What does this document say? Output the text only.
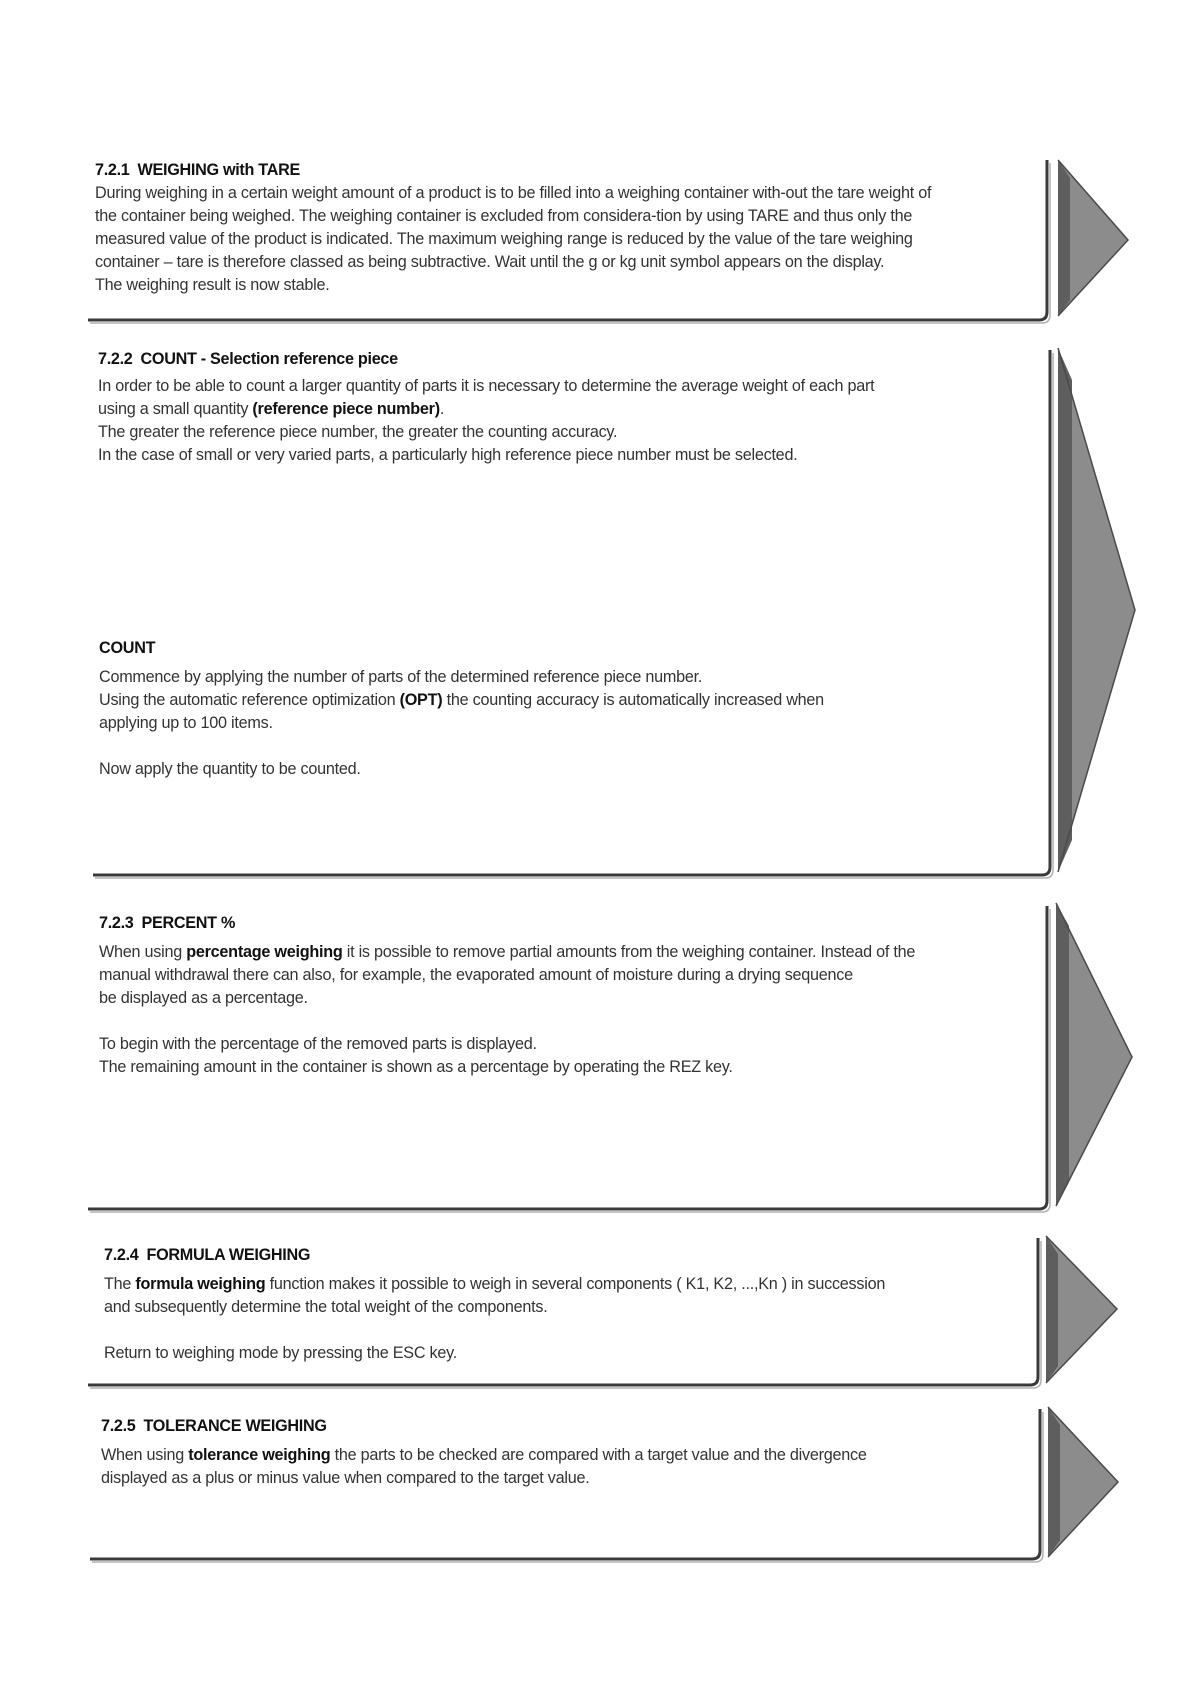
7.2.1 WEIGHING with TARE
During weighing in a certain weight amount of a product is to be filled into a weighing container with-out the tare weight of
the container being weighed. The weighing container is excluded from considera-tion by using TARE and thus only the
measured value of the product is indicated. The maximum weighing range is reduced by the value of the tare weighing
container – tare is therefore classed as being subtractive. Wait until the g or kg unit symbol appears on the display.
The weighing result is now stable.
7.2.2 COUNT - Selection reference piece
In order to be able to count a larger quantity of parts it is necessary to determine the average weight of each part
using a small quantity (reference piece number).
The greater the reference piece number, the greater the counting accuracy.
In the case of small or very varied parts, a particularly high reference piece number must be selected.
COUNT
Commence by applying the number of parts of the determined reference piece number.
Using the automatic reference optimization (OPT) the counting accuracy is automatically increased when
applying up to 100 items.
Now apply the quantity to be counted.
7.2.3 PERCENT %
When using percentage weighing it is possible to remove partial amounts from the weighing container. Instead of the
manual withdrawal there can also, for example, the evaporated amount of moisture during a drying sequence
be displayed as a percentage.
To begin with the percentage of the removed parts is displayed.
The remaining amount in the container is shown as a percentage by operating the REZ key.
7.2.4 FORMULA WEIGHING
The formula weighing function makes it possible to weigh in several components ( K1, K2, ...,Kn ) in succession
and subsequently determine the total weight of the components.
Return to weighing mode by pressing the ESC key.
7.2.5 TOLERANCE WEIGHING
When using tolerance weighing the parts to be checked are compared with a target value and the divergence
displayed as a plus or minus value when compared to the target value.
